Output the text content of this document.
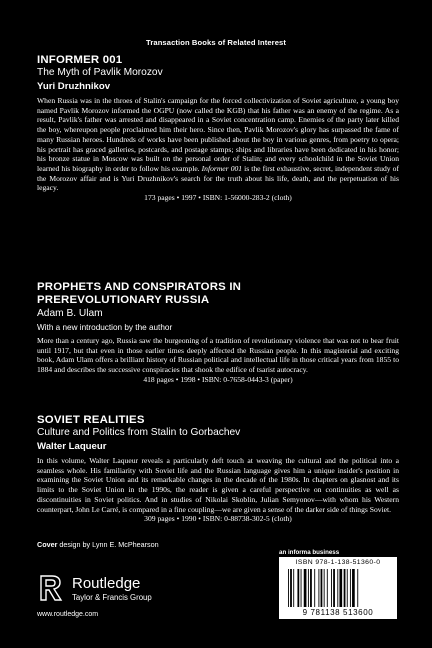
Transaction Books of Related Interest
INFORMER 001
The Myth of Pavlik Morozov
Yuri Druzhnikov

When Russia was in the throes of Stalin's campaign for the forced collectivization of Soviet agriculture, a young boy named Pavlik Morozov informed the OGPU (now called the KGB) that his father was an enemy of the regime. As a result, Pavlik's father was arrested and disappeared in a Soviet concentration camp. Enemies of the party later killed the boy, whereupon people proclaimed him their hero. Since then, Pavlik Morozov's glory has surpassed the fame of many Russian heroes. Hundreds of works have been published about the boy in various genres, from poetry to opera; his portrait has graced galleries, postcards, and postage stamps; ships and libraries have been dedicated in his honor; his bronze statue in Moscow was built on the personal order of Stalin; and every schoolchild in the Soviet Union learned his biography in order to follow his example. Informer 001 is the first exhaustive, secret, independent study of the Morozov affair and is Yuri Druzhnikov's search for the truth about his life, death, and the perpetuation of his legacy.

173 pages • 1997 • ISBN: 1-56000-283-2 (cloth)

PROPHETS AND CONSPIRATORS IN
PREREVOLUTIONARY RUSSIA
Adam B. Ulam
With a new introduction by the author

More than a century ago, Russia saw the burgeoning of a tradition of revolutionary violence that was not to bear fruit until 1917, but that even in those earlier times deeply affected the Russian people. In this magisterial and exciting book, Adam Ulam offers a brilliant history of Russian political and intellectual life in those critical years from 1855 to 1884 and describes the successive conspiracies that shook the edifice of tsarist autocracy.

418 pages • 1998 • ISBN: 0-7658-0443-3 (paper)

SOVIET REALITIES
Culture and Politics from Stalin to Gorbachev
Walter Laqueur

In this volume, Walter Laqueur reveals a particularly deft touch at weaving the cultural and the political into a seamless whole. His familiarity with Soviet life and the Russian language gives him a unique insider's position in examining the Soviet Union and its remarkable changes in the decade of the 1980s. In chapters on glasnost and its limits to the Soviet Union in the 1990s, the reader is given a careful perspective on continuities as well as discontinuities in Soviet politics. And in studies of Nikolai Skoblin, Julian Semyonov—with whom his Western counterpart, John Le Carré, is compared in a fine coupling—we are given a sense of the darker side of things Soviet.

309 pages • 1990 • ISBN: 0-88738-302-5 (cloth)

Cover design by Lynn E. McPhearson
an informa business
ISBN 978-1-138-51360-0
9 781138 513600
Routledge
Taylor & Francis Group
www.routledge.com
